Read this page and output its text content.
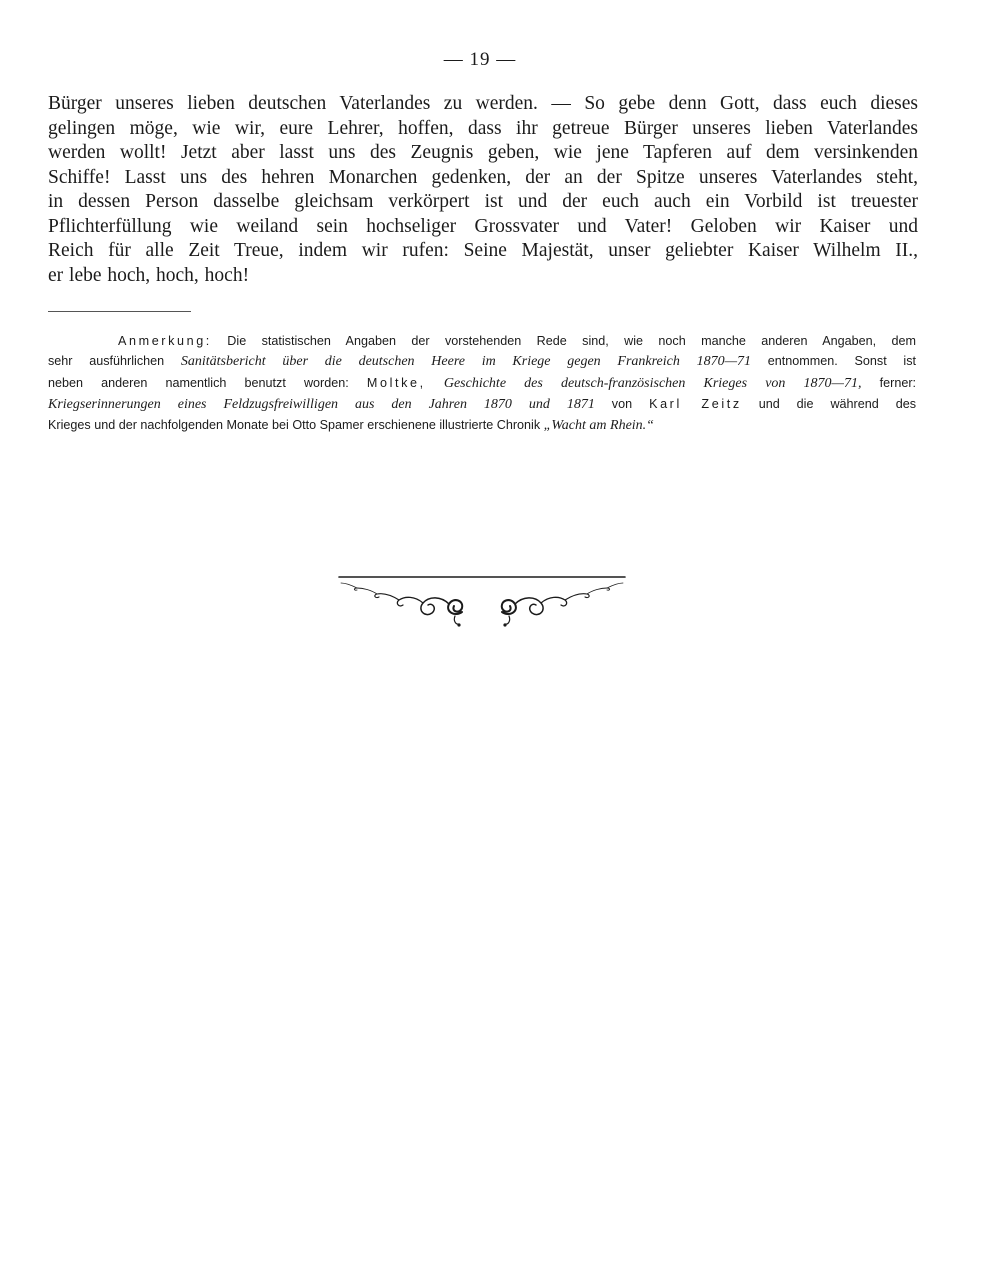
— 19 —
Bürger unseres lieben deutschen Vaterlandes zu werden. — So gebe denn Gott, dass euch dieses
gelingen möge, wie wir, eure Lehrer, hoffen, dass ihr getreue Bürger unseres lieben Vaterlandes
werden wollt! Jetzt aber lasst uns des Zeugnis geben, wie jene Tapferen auf dem versinkenden
Schiffe! Lasst uns des hehren Monarchen gedenken, der an der Spitze unseres Vaterlandes steht,
in dessen Person dasselbe gleichsam verkörpert ist und der euch auch ein Vorbild ist treuester
Pflichterfüllung wie weiland sein hochseliger Grossvater und Vater! Geloben wir Kaiser und
Reich für alle Zeit Treue, indem wir rufen: Seine Majestät, unser geliebter Kaiser Wilhelm II.,
er lebe hoch, hoch, hoch!
Anmerkung: Die statistischen Angaben der vorstehenden Rede sind, wie noch manche anderen Angaben, dem
sehr ausführlichen Sanitätsbericht über die deutschen Heere im Kriege gegen Frankreich 1870—71 entnommen. Sonst ist
neben anderen namentlich benutzt worden: Moltke, Geschichte des deutsch-französischen Krieges von 1870—71, ferner:
Kriegserinnerungen eines Feldzugsfreiwilligen aus den Jahren 1870 und 1871 von Karl Zeitz und die während des
Krieges und der nachfolgenden Monate bei Otto Spamer erschienene illustrierte Chronik „Wacht am Rhein.“
